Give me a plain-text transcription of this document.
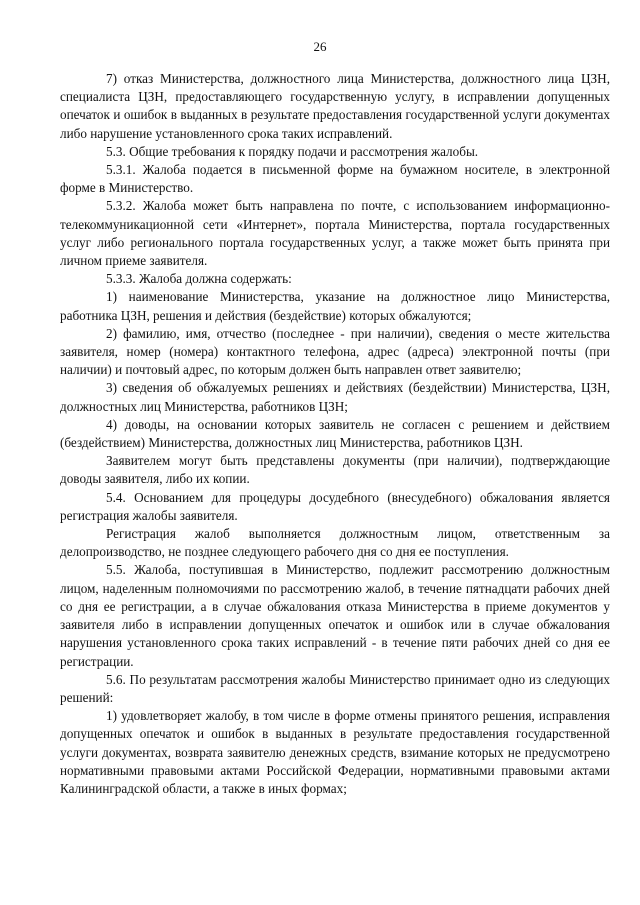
26

7) отказ Министерства, должностного лица Министерства, должностного лица ЦЗН, специалиста ЦЗН, предоставляющего государственную услугу, в исправлении допущенных опечаток и ошибок в выданных в результате предоставления государственной услуги документах либо нарушение установленного срока таких исправлений.

5.3. Общие требования к порядку подачи и рассмотрения жалобы.

5.3.1. Жалоба подается в письменной форме на бумажном носителе, в электронной форме в Министерство.

5.3.2. Жалоба может быть направлена по почте, с использованием информационно-телекоммуникационной сети «Интернет», портала Министерства, портала государственных услуг либо регионального портала государственных услуг, а также может быть принята при личном приеме заявителя.

5.3.3. Жалоба должна содержать:

1) наименование Министерства, указание на должностное лицо Министерства, работника ЦЗН, решения и действия (бездействие) которых обжалуются;

2) фамилию, имя, отчество (последнее - при наличии), сведения о месте жительства заявителя, номер (номера) контактного телефона, адрес (адреса) электронной почты (при наличии) и почтовый адрес, по которым должен быть направлен ответ заявителю;

3) сведения об обжалуемых решениях и действиях (бездействии) Министерства, ЦЗН, должностных лиц Министерства, работников ЦЗН;

4) доводы, на основании которых заявитель не согласен с решением и действием (бездействием) Министерства, должностных лиц Министерства, работников ЦЗН.

Заявителем могут быть представлены документы (при наличии), подтверждающие доводы заявителя, либо их копии.

5.4. Основанием для процедуры досудебного (внесудебного) обжалования является регистрация жалобы заявителя.

Регистрация жалоб выполняется должностным лицом, ответственным за делопроизводство, не позднее следующего рабочего дня со дня ее поступления.

5.5. Жалоба, поступившая в Министерство, подлежит рассмотрению должностным лицом, наделенным полномочиями по рассмотрению жалоб, в течение пятнадцати рабочих дней со дня ее регистрации, а в случае обжалования отказа Министерства в приеме документов у заявителя либо в исправлении допущенных опечаток и ошибок или в случае обжалования нарушения установленного срока таких исправлений - в течение пяти рабочих дней со дня ее регистрации.

5.6. По результатам рассмотрения жалобы Министерство принимает одно из следующих решений:

1) удовлетворяет жалобу, в том числе в форме отмены принятого решения, исправления допущенных опечаток и ошибок в выданных в результате предоставления государственной услуги документах, возврата заявителю денежных средств, взимание которых не предусмотрено нормативными правовыми актами Российской Федерации, нормативными правовыми актами Калининградской области, а также в иных формах;
